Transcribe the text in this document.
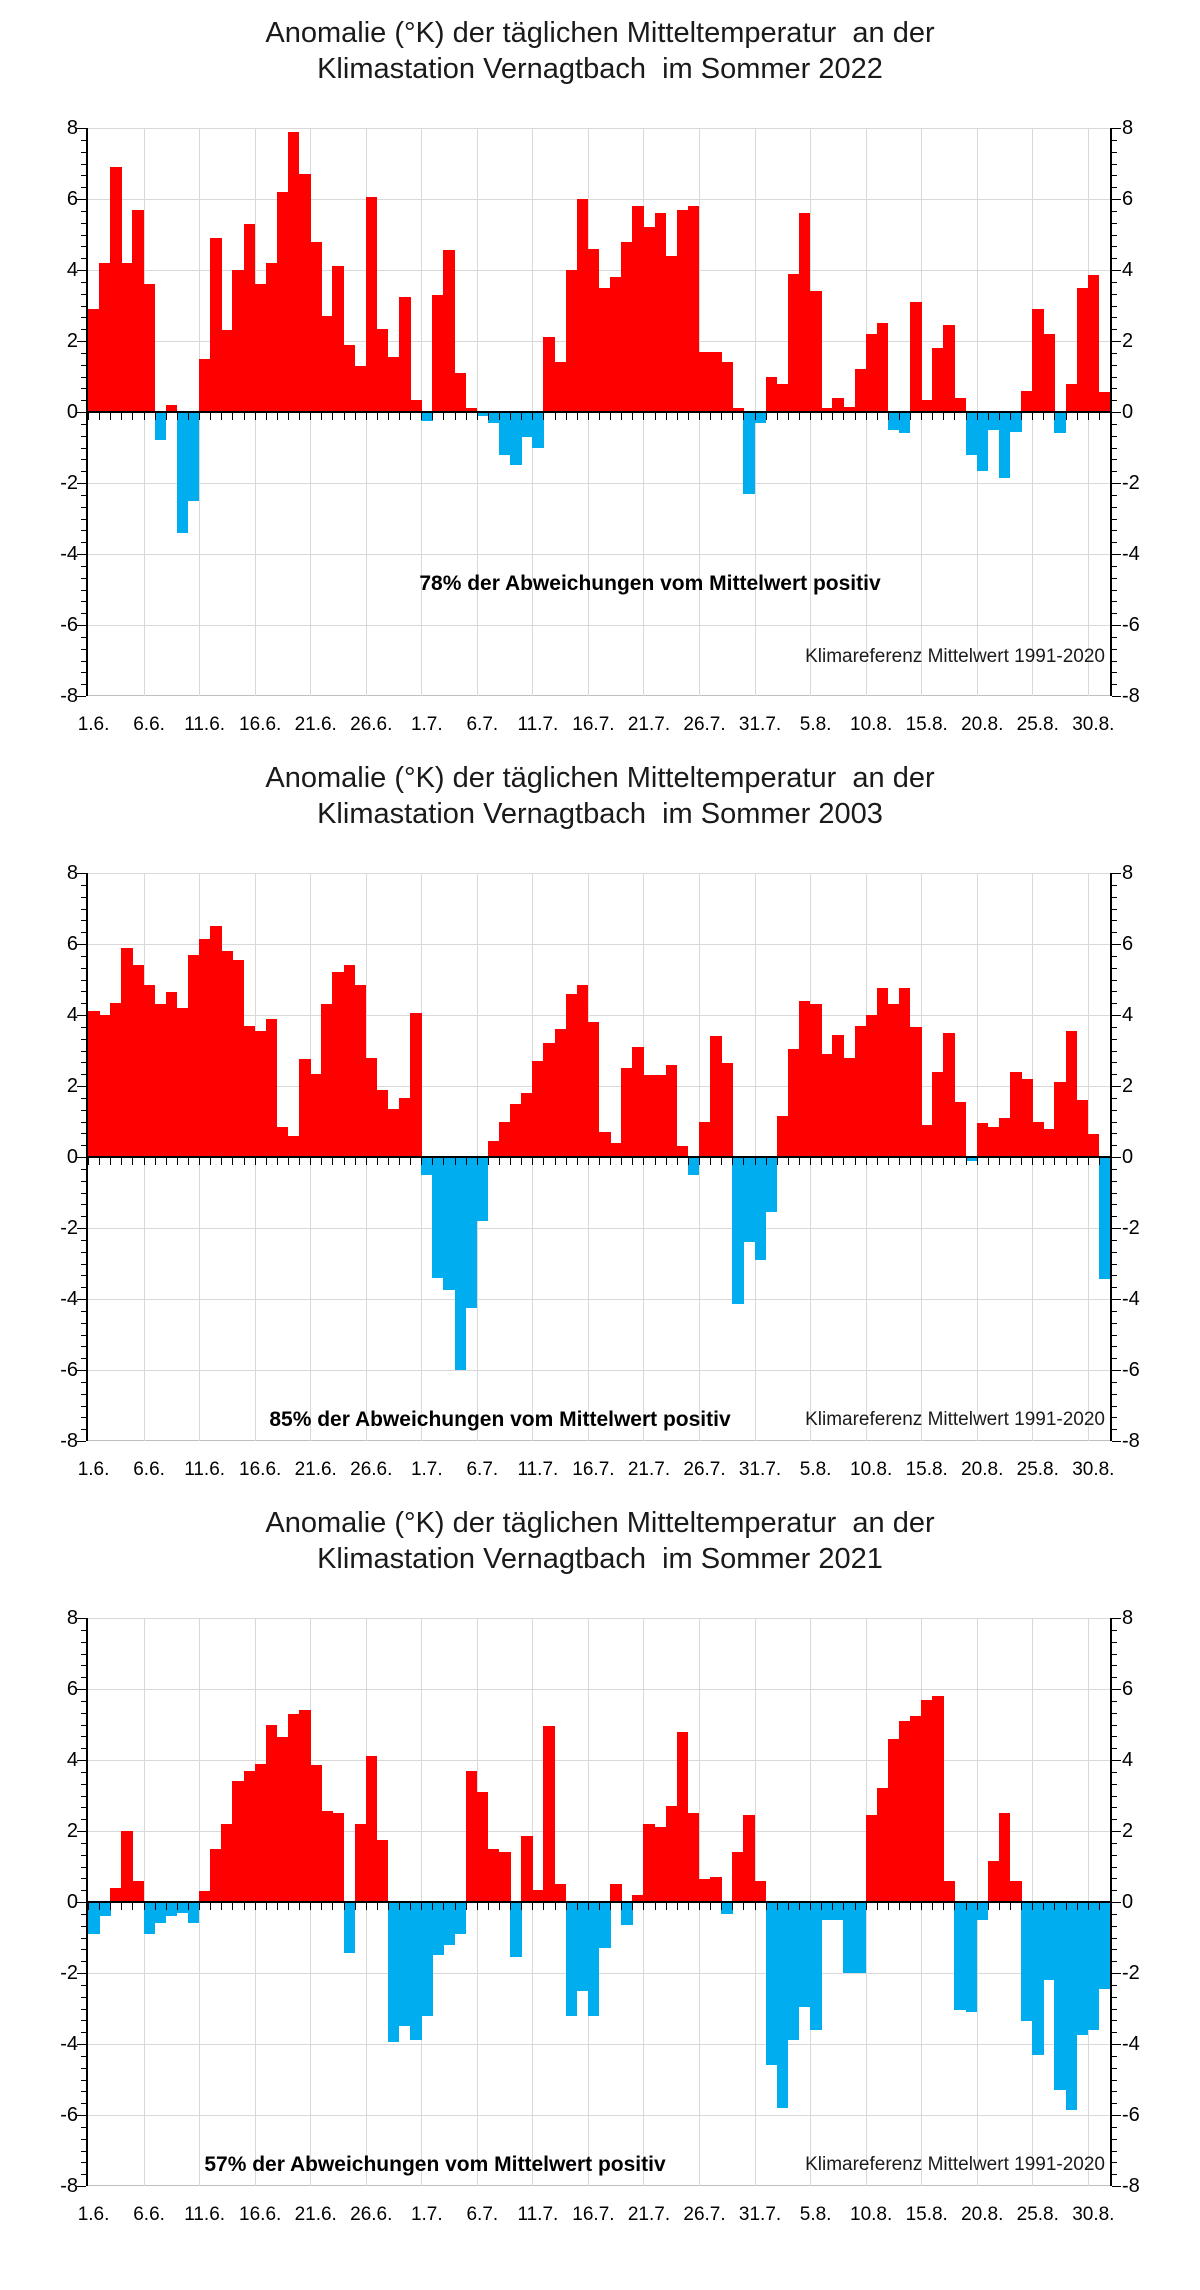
Anomalie (°K) der täglichen Mitteltemperatur  an der
Klimastation Vernagtbach  im Sommer 2022
78% der Abweichungen vom Mittelwert positiv
Klimareferenz Mittelwert 1991-2020
8	8
6	6
4	4
2	2
0	0
-2	-2
-4	-4
-6	-6
-8	-8
1.6.	6.6.	11.6. 16.6. 21.6. 26.6. 1.7.	6.7.	11.7. 16.7. 21.7. 26.7. 31.7. 5.8. 10.8. 15.8. 20.8. 25.8. 30.8.
Anomalie (°K) der täglichen Mitteltemperatur  an der
Klimastation Vernagtbach  im Sommer 2003
85% der Abweichungen vom Mittelwert positiv	Klimareferenz Mittelwert 1991-2020
8	8
6	6
4	4
2	2
0	0
-2	-2
-4	-4
-6	-6
-8	-8
1.6.	6.6.	11.6. 16.6. 21.6. 26.6. 1.7.	6.7.	11.7. 16.7. 21.7. 26.7. 31.7. 5.8. 10.8. 15.8. 20.8. 25.8. 30.8.
Anomalie (°K) der täglichen Mitteltemperatur  an der
Klimastation Vernagtbach  im Sommer 2021
57% der Abweichungen vom Mittelwert positiv	Klimareferenz Mittelwert 1991-2020
8	8
6	6
4	4
2	2
0	0
-2	-2
-4	-4
-6	-6
-8	-8
1.6.	6.6.	11.6. 16.6. 21.6. 26.6. 1.7.	6.7.	11.7. 16.7. 21.7. 26.7. 31.7. 5.8. 10.8. 15.8. 20.8. 25.8. 30.8.
